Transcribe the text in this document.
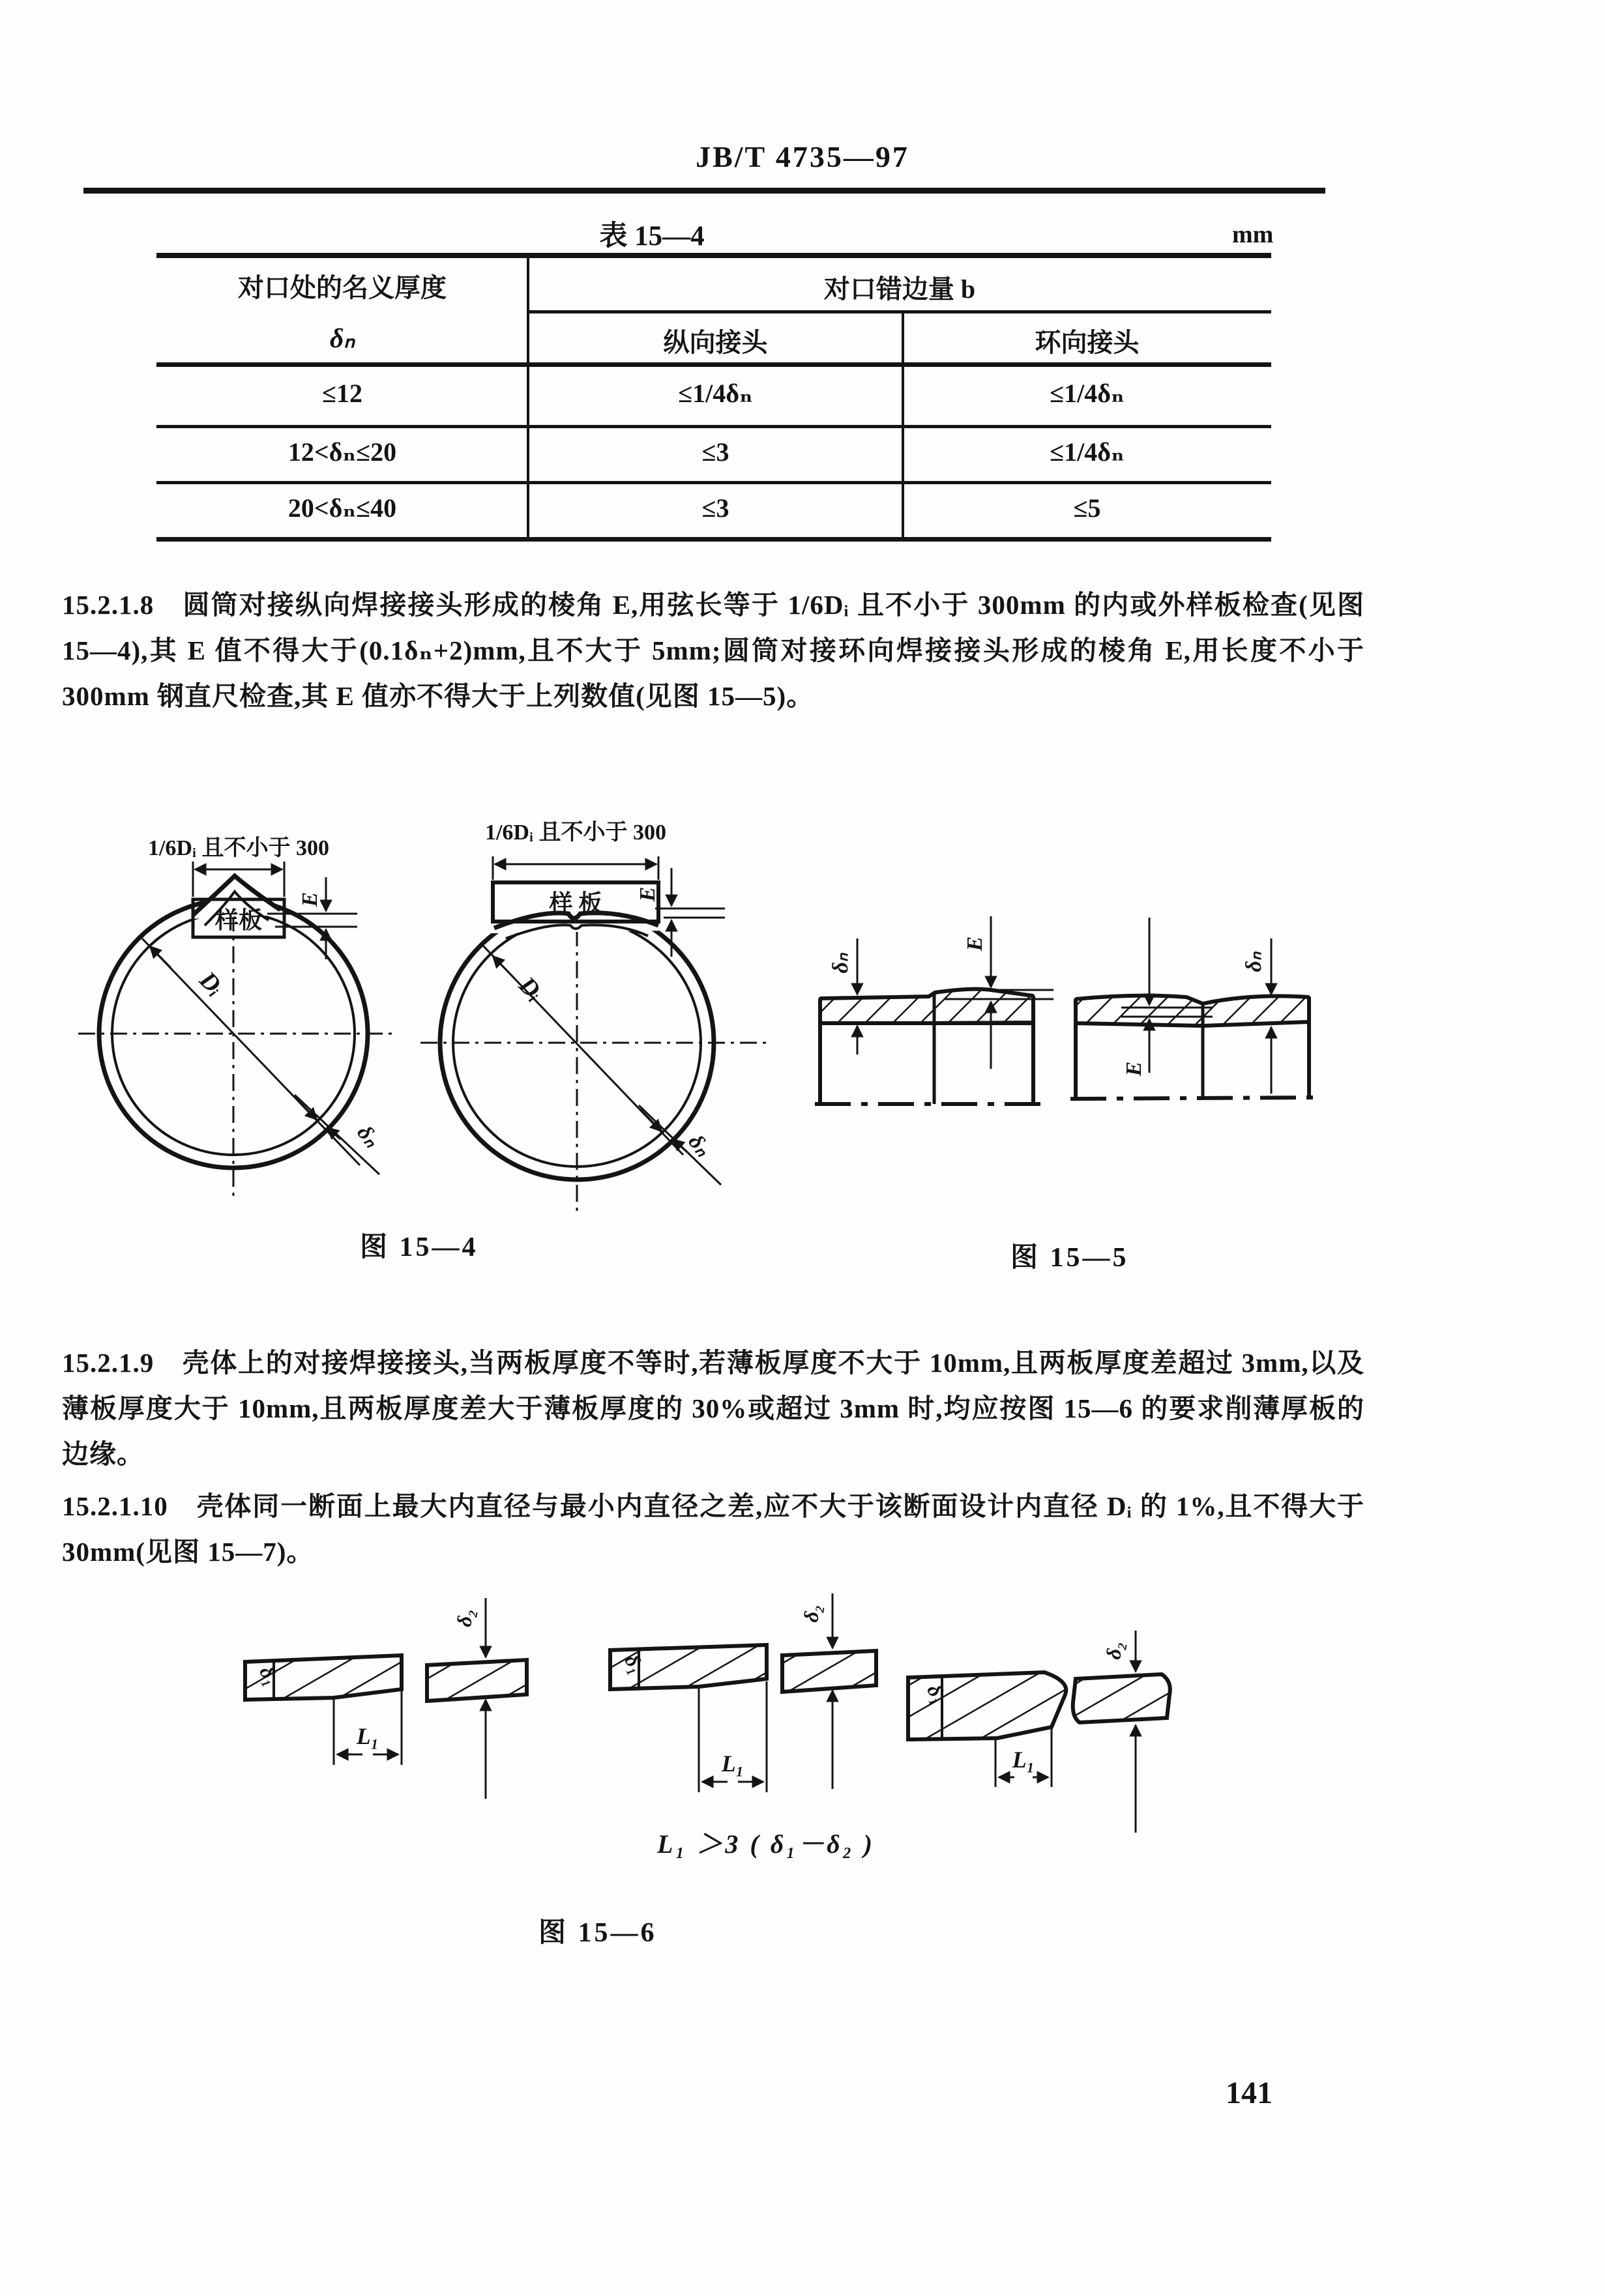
JB/T 4735—97
表 15—4	mm
对口处的名义厚度
δₙ
对口错边量 b
纵向接头	环向接头
≤12	≤1/4δₙ	≤1/4δₙ
12<δₙ≤20	≤3	≤1/4δₙ
20<δₙ≤40	≤3	≤5
15.2.1.8　圆筒对接纵向焊接接头形成的棱角 E,用弦长等于 1/6Dᵢ 且不小于 300mm 的内或外样板检查(见图 15—4),其 E 值不得大于(0.1δₙ+2)mm,且不大于 5mm;圆筒对接环向焊接接头形成的棱角 E,用长度不小于 300mm 钢直尺检查,其 E 值亦不得大于上列数值(见图 15—5)。
1/6Dᵢ 且不小于 300
样板
E
Dᵢ
δₙ
1/6Dᵢ 且不小于 300
样 板 E
Dᵢ
δₙ
δₙ
E
E
δₙ
图 15—4	图 15—5
15.2.1.9　壳体上的对接焊接接头,当两板厚度不等时,若薄板厚度不大于 10mm,且两板厚度差超过 3mm,以及薄板厚度大于 10mm,且两板厚度差大于薄板厚度的 30%或超过 3mm 时,均应按图 15—6 的要求削薄厚板的边缘。
15.2.1.10　壳体同一断面上最大内直径与最小内直径之差,应不大于该断面设计内直径 Dᵢ 的 1%,且不得大于 30mm(见图 15—7)。
δ₁
δ₂
L₁
δ₁
δ₂
L₁
δ₁
δ₂
L₁
L₁ ＞3 ( δ₁－δ₂ )
图 15—6
141
